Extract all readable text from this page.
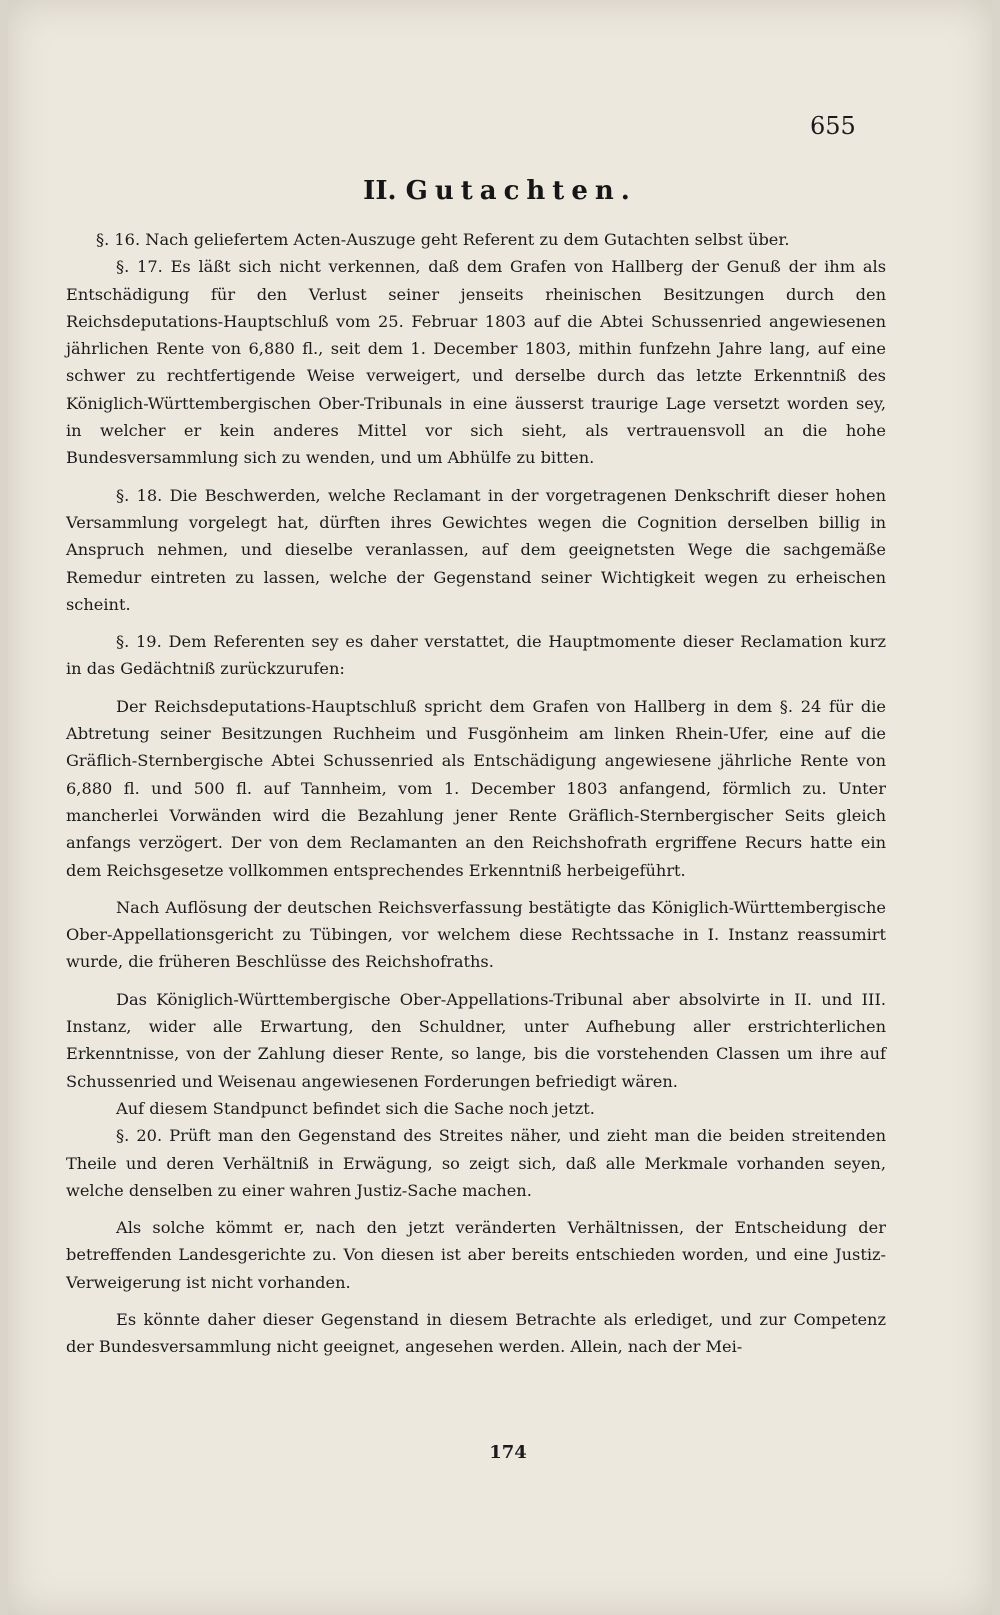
655
II. Gutachten.

§. 16. Nach geliefertem Acten-Auszuge geht Referent zu dem Gutachten selbst über.

§. 17. Es läßt sich nicht verkennen, daß dem Grafen von Hallberg der Genuß der ihm als Entschädigung für den Verlust seiner jenseits rheinischen Besitzungen durch den Reichsdeputations-Hauptschluß vom 25. Februar 1803 auf die Abtei Schussenried angewiesenen jährlichen Rente von 6,880 fl., seit dem 1. December 1803, mithin funfzehn Jahre lang, auf eine schwer zu rechtfertigende Weise verweigert, und derselbe durch das letzte Erkenntniß des Königlich-Württembergischen Ober-Tribunals in eine äusserst traurige Lage versetzt worden sey, in welcher er kein anderes Mittel vor sich sieht, als vertrauensvoll an die hohe Bundesversammlung sich zu wenden, und um Abhülfe zu bitten.

§. 18. Die Beschwerden, welche Reclamant in der vorgetragenen Denkschrift dieser hohen Versammlung vorgelegt hat, dürften ihres Gewichtes wegen die Cognition derselben billig in Anspruch nehmen, und dieselbe veranlassen, auf dem geeignetsten Wege die sachgemäße Remedur eintreten zu lassen, welche der Gegenstand seiner Wichtigkeit wegen zu erheischen scheint.

§. 19. Dem Referenten sey es daher verstattet, die Hauptmomente dieser Reclamation kurz in das Gedächtniß zurückzurufen:

Der Reichsdeputations-Hauptschluß spricht dem Grafen von Hallberg in dem §. 24 für die Abtretung seiner Besitzungen Ruchheim und Fusgönheim am linken Rhein-Ufer, eine auf die Gräflich-Sternbergische Abtei Schussenried als Entschädigung angewiesene jährliche Rente von 6,880 fl. und 500 fl. auf Tannheim, vom 1. December 1803 anfangend, förmlich zu. Unter mancherlei Vorwänden wird die Bezahlung jener Rente Gräflich-Sternbergischer Seits gleich anfangs verzögert. Der von dem Reclamanten an den Reichshofrath ergriffene Recurs hatte ein dem Reichsgesetze vollkommen entsprechendes Erkenntniß herbeigeführt.

Nach Auflösung der deutschen Reichsverfassung bestätigte das Königlich-Württembergische Ober-Appellationsgericht zu Tübingen, vor welchem diese Rechtssache in I. Instanz reassumirt wurde, die früheren Beschlüsse des Reichshofraths.

Das Königlich-Württembergische Ober-Appellations-Tribunal aber absolvirte in II. und III. Instanz, wider alle Erwartung, den Schuldner, unter Aufhebung aller erstrichterlichen Erkenntnisse, von der Zahlung dieser Rente, so lange, bis die vorstehenden Classen um ihre auf Schussenried und Weisenau angewiesenen Forderungen befriedigt wären.

Auf diesem Standpunct befindet sich die Sache noch jetzt.

§. 20. Prüft man den Gegenstand des Streites näher, und zieht man die beiden streitenden Theile und deren Verhältniß in Erwägung, so zeigt sich, daß alle Merkmale vorhanden seyen, welche denselben zu einer wahren Justiz-Sache machen.

Als solche kömmt er, nach den jetzt veränderten Verhältnissen, der Entscheidung der betreffenden Landesgerichte zu. Von diesen ist aber bereits entschieden worden, und eine Justiz-Verweigerung ist nicht vorhanden.

Es könnte daher dieser Gegenstand in diesem Betrachte als erlediget, und zur Competenz der Bundesversammlung nicht geeignet, angesehen werden. Allein, nach der Mei-

174
